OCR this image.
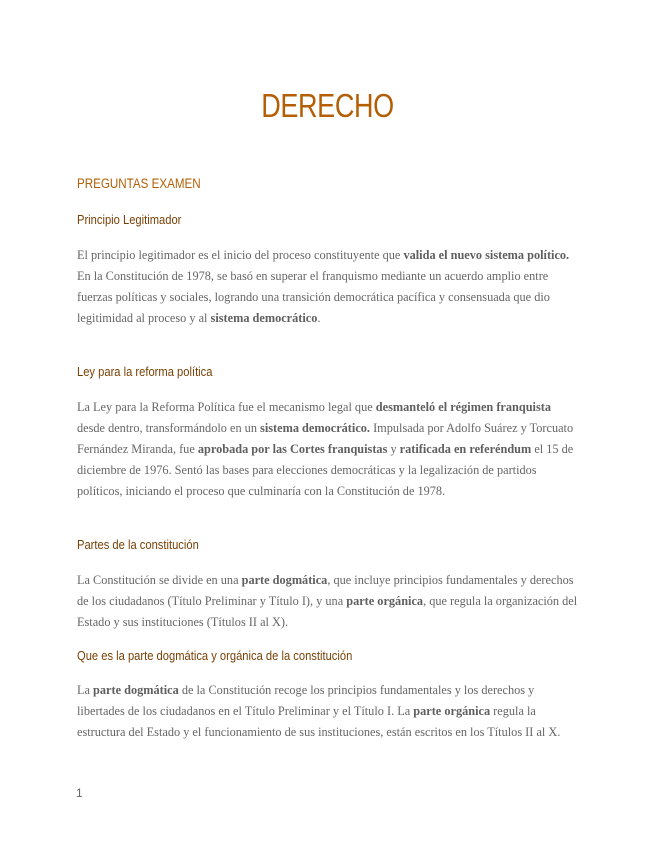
DERECHO
PREGUNTAS EXAMEN
Principio Legitimador

El principio legitimador es el inicio del proceso constituyente que valida el nuevo sistema político. En la Constitución de 1978, se basó en superar el franquismo mediante un acuerdo amplio entre fuerzas políticas y sociales, logrando una transición democrática pacífica y consensuada que dio legitimidad al proceso y al sistema democrático.

Ley para la reforma política

La Ley para la Reforma Política fue el mecanismo legal que desmanteló el régimen franquista desde dentro, transformándolo en un sistema democrático. Impulsada por Adolfo Suárez y Torcuato Fernández Miranda, fue aprobada por las Cortes franquistas y ratificada en referéndum el 15 de diciembre de 1976. Sentó las bases para elecciones democráticas y la legalización de partidos políticos, iniciando el proceso que culminaría con la Constitución de 1978.

Partes de la constitución

La Constitución se divide en una parte dogmática, que incluye principios fundamentales y derechos de los ciudadanos (Título Preliminar y Título I), y una parte orgánica, que regula la organización del Estado y sus instituciones (Títulos II al X).

Que es la parte dogmática y orgánica de la constitución

La parte dogmática de la Constitución recoge los principios fundamentales y los derechos y libertades de los ciudadanos en el Título Preliminar y el Título I. La parte orgánica regula la estructura del Estado y el funcionamiento de sus instituciones, están escritos en los Títulos II al X.

1
